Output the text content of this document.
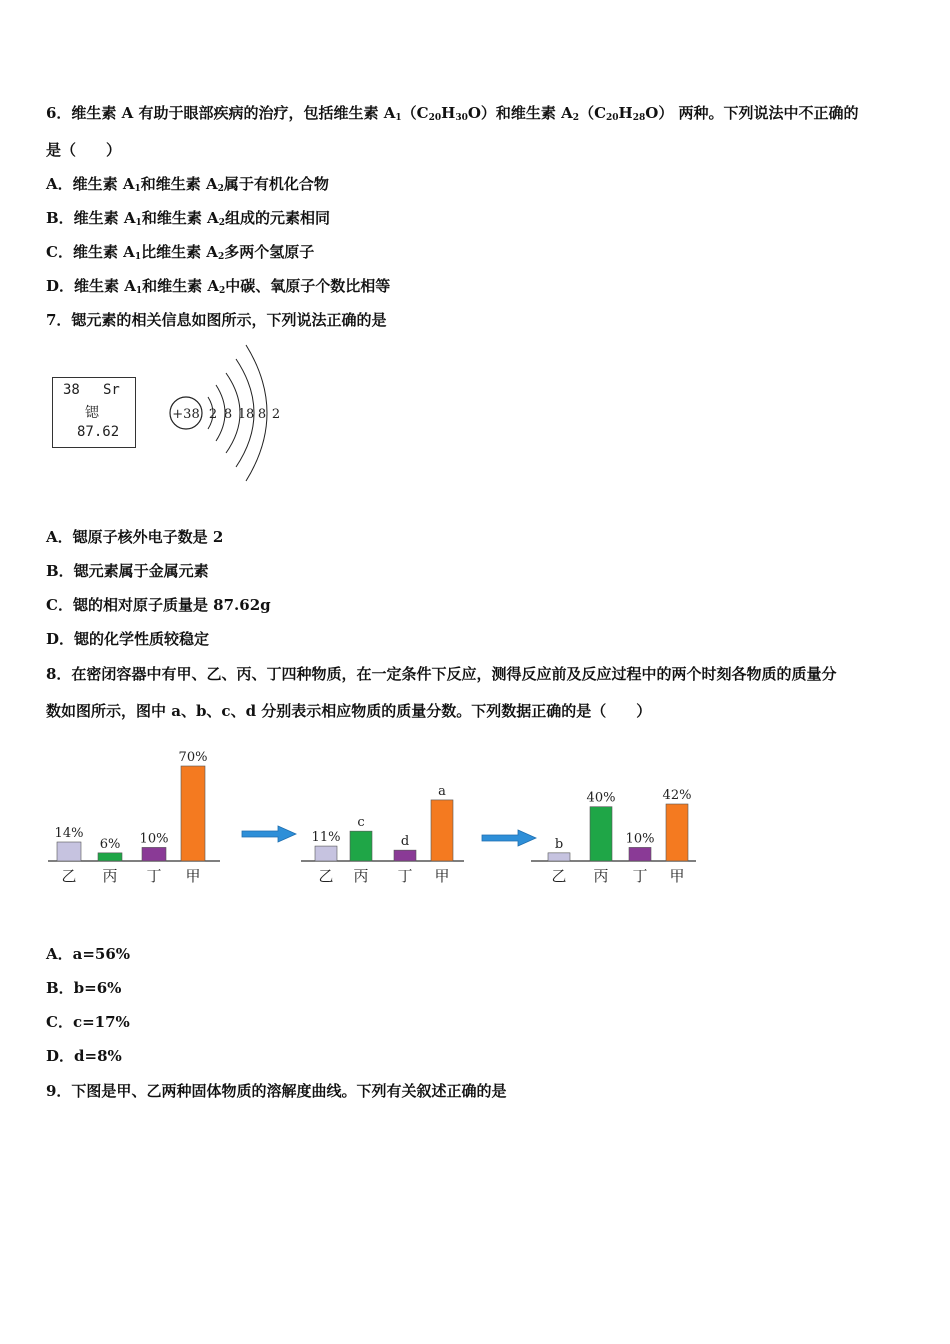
6．维生素 A 有助于眼部疾病的治疗，包括维生素 $A_1(C_{20}H_{30}O)$和维生素 $A_2(C_{20}H_{28}O)$ 两种。下列说法中不正确的
是（　　）
A．维生素 $A_1$和维生素 $A_2$属于有机化合物
B．维生素 $A_1$和维生素 $A_2$组成的元素相同
C．维生素 $A_1$比维生素 $A_2$多两个氢原子
D．维生素 $A_1$和维生素 $A_2$中碳、氧原子个数比相等
7．锶元素的相关信息如图所示，下列说法正确的是
38 Sr
锶
87.62
+38 2 8 18 8 2
A．锶原子核外电子数是 2
B．锶元素属于金属元素
C．锶的相对原子质量是 87.62g
D．锶的化学性质较稳定
8．在密闭容器中有甲、乙、丙、丁四种物质，在一定条件下反应，测得反应前及反应过程中的两个时刻各物质的质量分
数如图所示，图中 a、b、c、d 分别表示相应物质的质量分数。下列数据正确的是（　　）
14%
乙
6%
丙
10%
丁
70%
甲
11%
乙
c
丙
d
丁
a
甲
b
乙
40%
丙
10%
丁
42%
甲
A．a=56%
B．b=6%
C．c=17%
D．d=8%
9．下图是甲、乙两种固体物质的溶解度曲线。下列有关叙述正确的是
